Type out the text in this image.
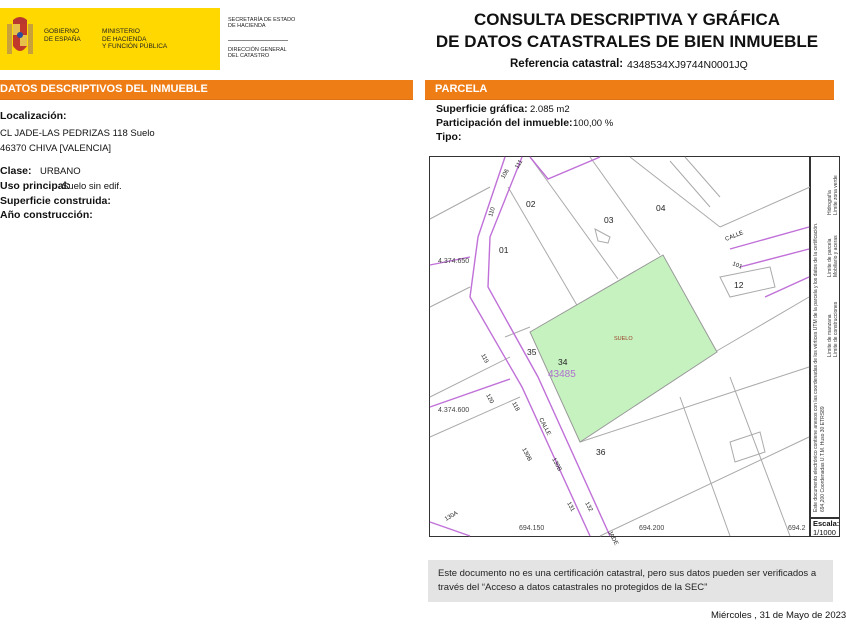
GOBIERNO
DE ESPAÑA
MINISTERIO
DE HACIENDA
Y FUNCIÓN PÚBLICA
SECRETARÍA DE ESTADO
DE HACIENDA
DIRECCIÓN GENERAL
DEL CATASTRO
CONSULTA DESCRIPTIVA Y GRÁFICA
DE DATOS CATASTRALES DE BIEN INMUEBLE
Referencia catastral: 4348534XJ9744N0001JQ
DATOS DESCRIPTIVOS DEL INMUEBLE
Localización:
CL JADE-LAS PEDRIZAS 118 Suelo
46370 CHIVA [VALENCIA]
Clase: URBANO
Uso principal:
Suelo sin edif.
Superficie construida:
Año construcción:
PARCELA
Superficie gráfica: 2.085 m2
Participación del inmueble: 100,00 %
Tipo:
01
02
03
04
12
34
35
36
SUELO
43485
CALLE
CALLE
JADE
110
106
111
101
119
120
118
130B
130B
131 132
130A
4.374.650
4.374.600
694.150	694.200	694.2
Este documento electrónico contiene anexos con las coordenadas de los vértices UTM de la parcela y los datos de la certificación. 694,200 Coordenadas U.T.M. Huso 30 ETRS89
Límite de manzana
Límite de parcela
Hidrografía
Límite de construcciones
Mobiliario y aceras
Límite zona verde
Escala:
1/1000
Este documento no es una certificación catastral, pero sus datos pueden ser verificados a través del “Acceso a datos catastrales no protegidos de la SEC”
Miércoles , 31 de Mayo de 2023
